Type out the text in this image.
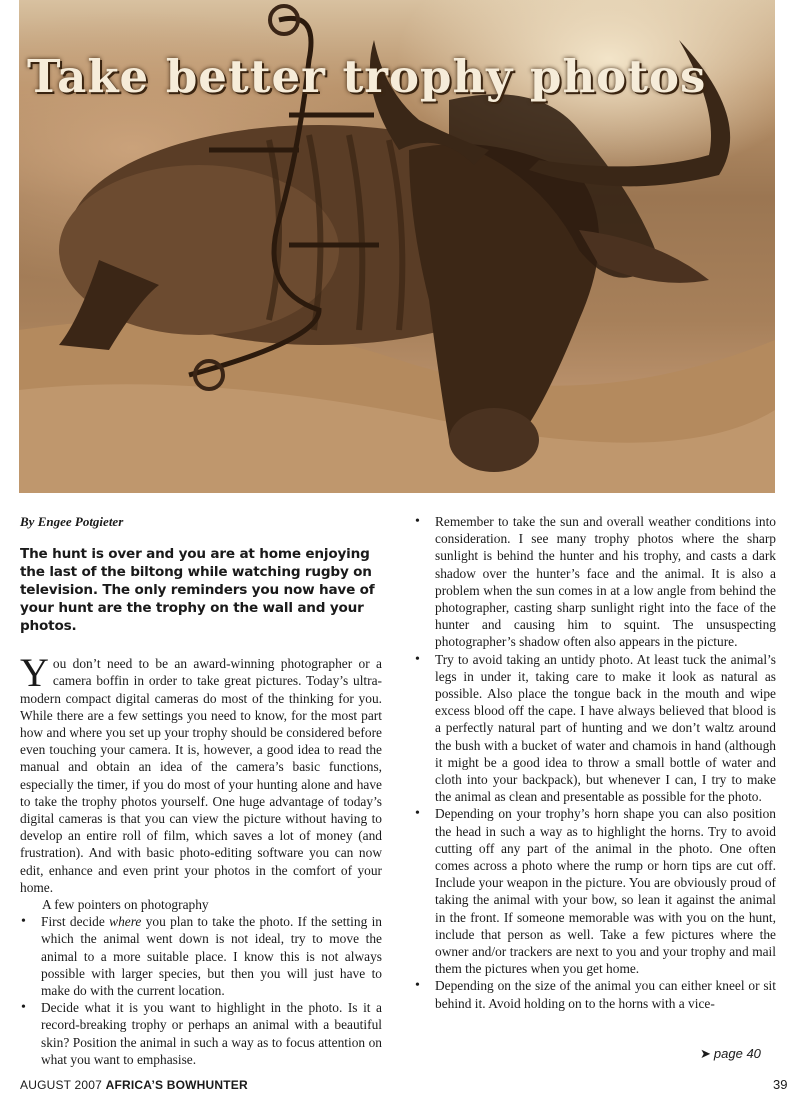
Take better trophy photos

By Engee Potgieter

The hunt is over and you are at home enjoying the last of the biltong while watching rugby on television. The only reminders you now have of your hunt are the trophy on the wall and your photos.

You don’t need to be an award-winning photographer or a camera boffin in order to take great pictures. Today’s ultra-modern compact digital cameras do most of the thinking for you. While there are a few settings you need to know, for the most part how and where you set up your trophy should be considered before even touching your camera. It is, however, a good idea to read the manual and obtain an idea of the camera’s basic functions, especially the timer, if you do most of your hunting alone and have to take the trophy photos yourself. One huge advantage of today’s digital cameras is that you can view the picture without having to develop an entire roll of film, which saves a lot of money (and frustration). And with basic photo-editing software you can now edit, enhance and even print your photos in the comfort of your home.

A few pointers on photography

• First decide where you plan to take the photo. If the setting in which the animal went down is not ideal, try to move the animal to a more suitable place. I know this is not always possible with larger species, but then you will just have to make do with the current location.
• Decide what it is you want to highlight in the photo. Is it a record-breaking trophy or perhaps an animal with a beautiful skin? Position the animal in such a way as to focus attention on what you want to emphasise.
• Remember to take the sun and overall weather conditions into consideration. I see many trophy photos where the sharp sunlight is behind the hunter and his trophy, and casts a dark shadow over the hunter’s face and the animal. It is also a problem when the sun comes in at a low angle from behind the photographer, casting sharp sunlight right into the face of the hunter and causing him to squint. The unsuspecting photographer’s shadow often also appears in the picture.
• Try to avoid taking an untidy photo. At least tuck the animal’s legs in under it, taking care to make it look as natural as possible. Also place the tongue back in the mouth and wipe excess blood off the cape. I have always believed that blood is a perfectly natural part of hunting and we don’t waltz around the bush with a bucket of water and chamois in hand (although it might be a good idea to throw a small bottle of water and cloth into your backpack), but whenever I can, I try to make the animal as clean and presentable as possible for the photo.
• Depending on your trophy’s horn shape you can also position the head in such a way as to highlight the horns. Try to avoid cutting off any part of the animal in the photo. One often comes across a photo where the rump or horn tips are cut off. Include your weapon in the picture. You are obviously proud of taking the animal with your bow, so lean it against the animal in the front. If someone memorable was with you on the hunt, include that person as well. Take a few pictures where the owner and/or trackers are next to you and your trophy and mail them the pictures when you get home.
• Depending on the size of the animal you can either kneel or sit behind it. Avoid holding on to the horns with a vice-
➤ page 40
AUGUST 2007 AFRICA’S BOWHUNTER	39
